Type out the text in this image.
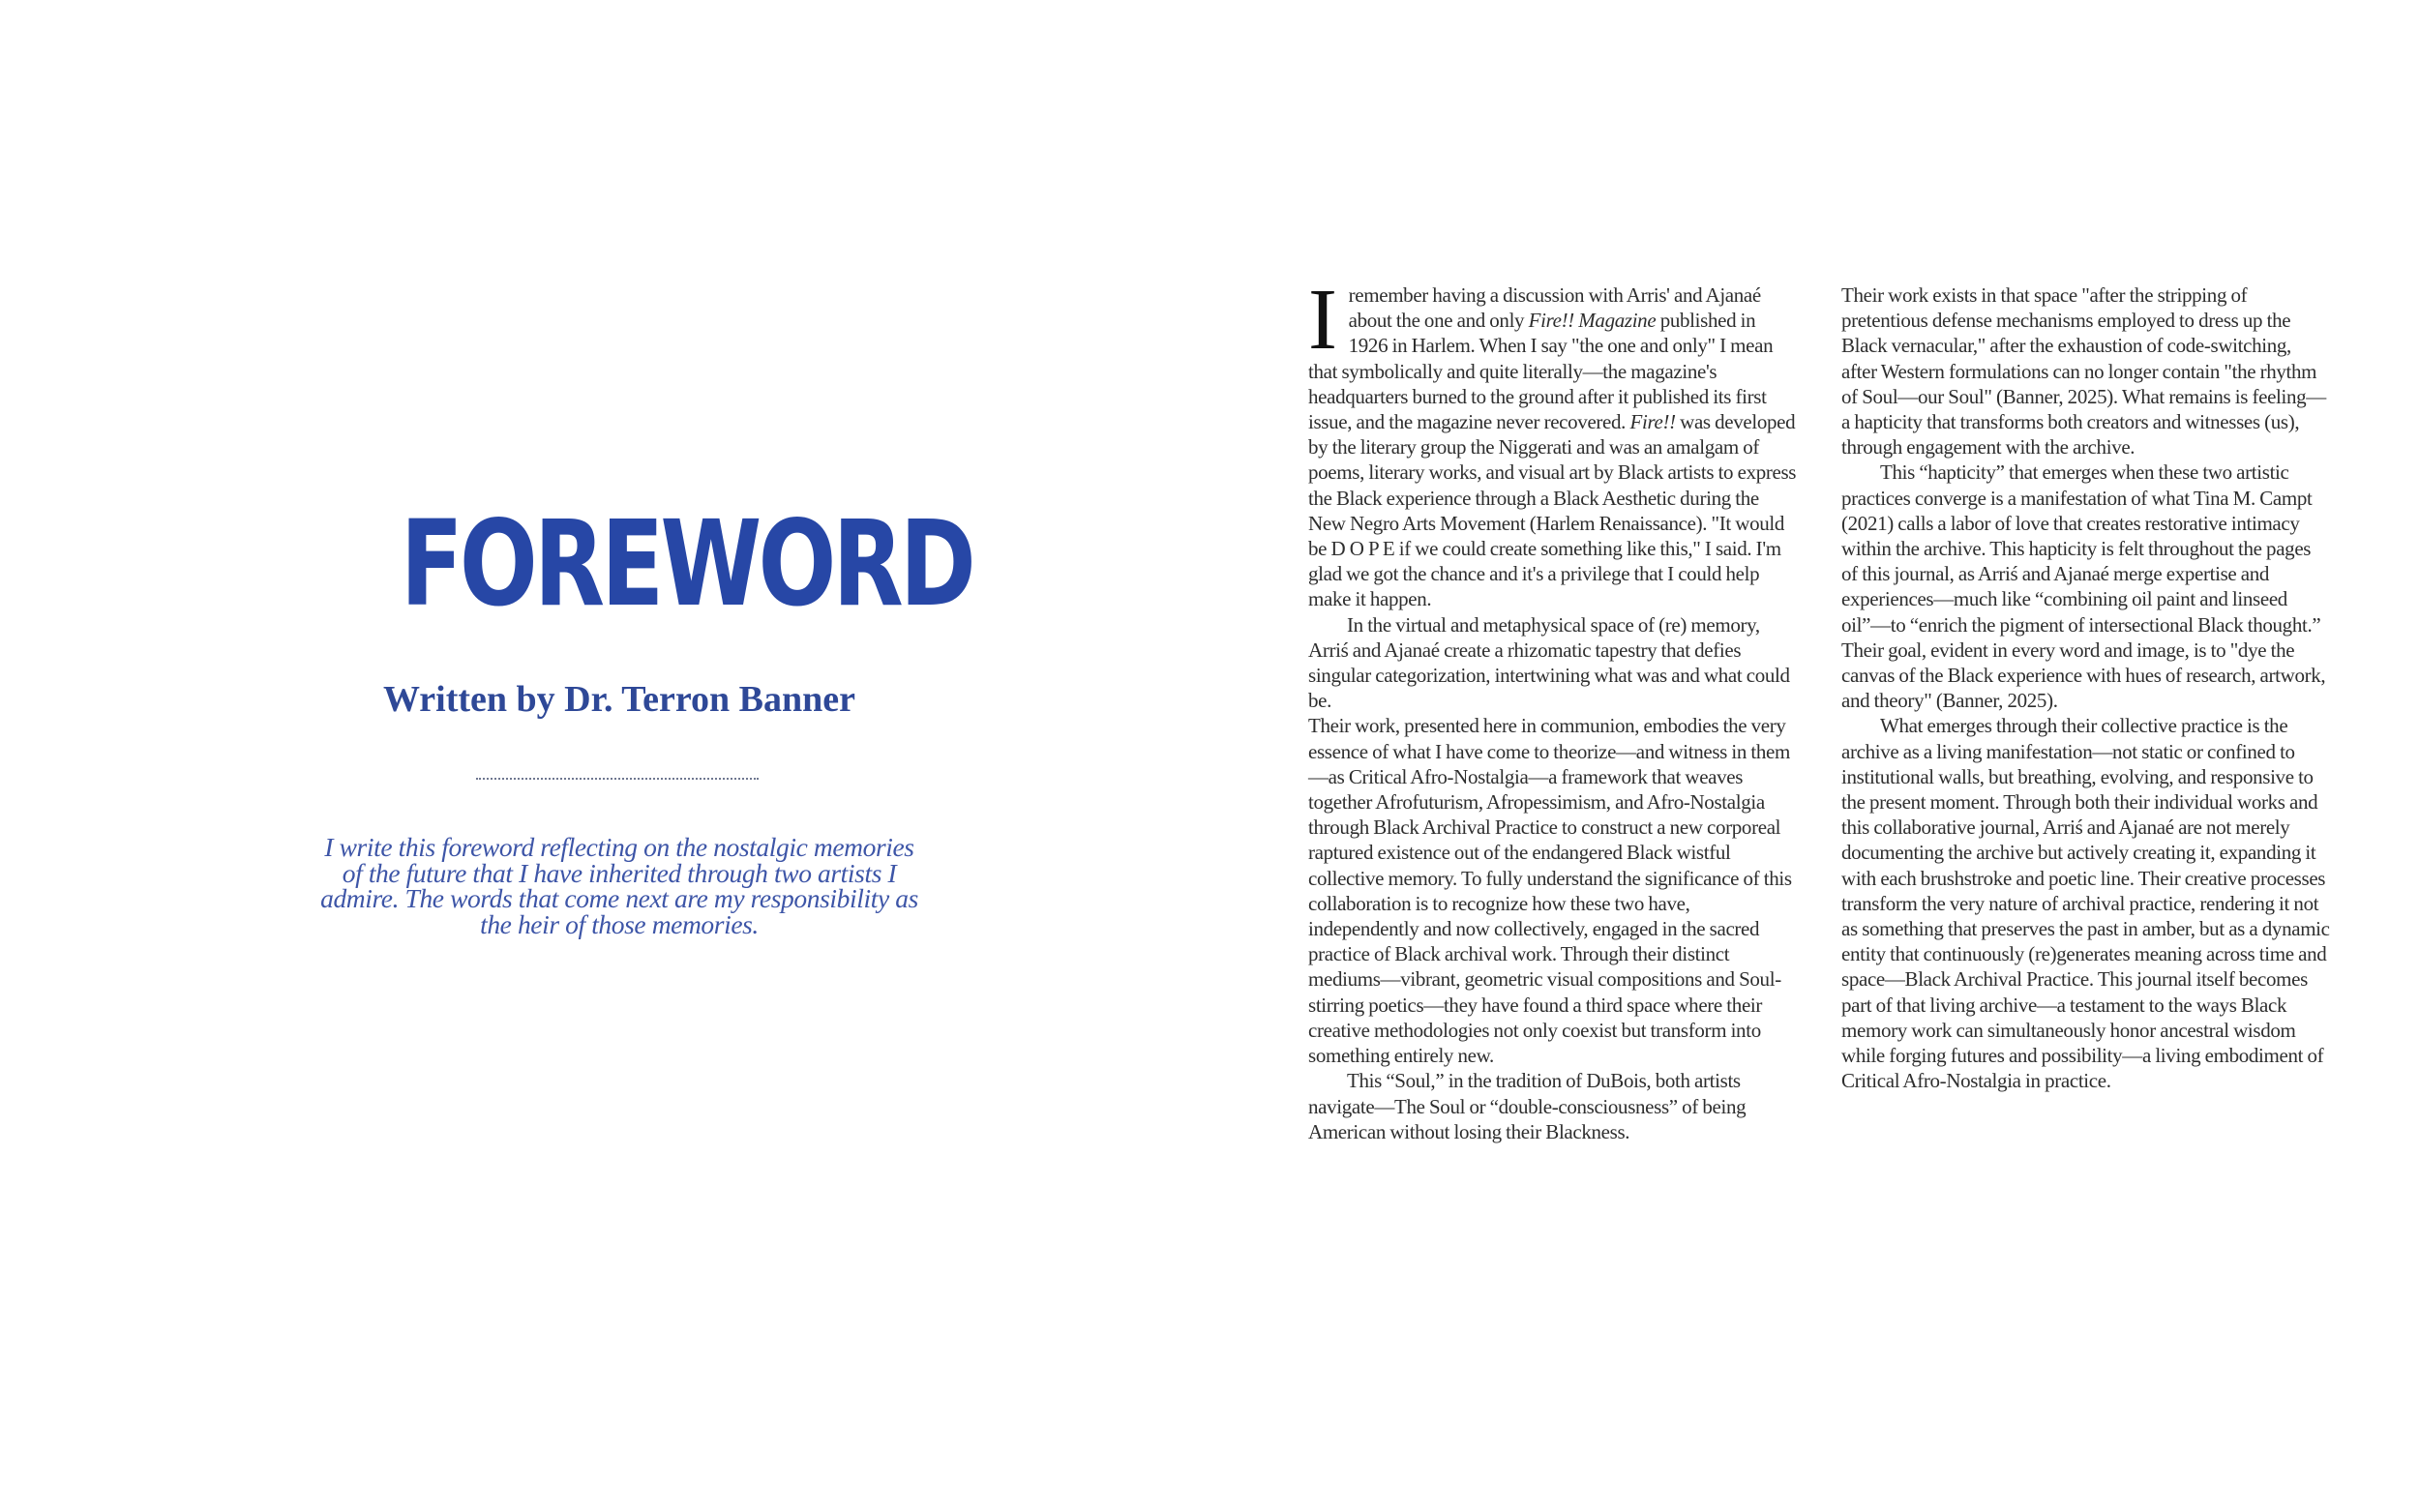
FOREWORD
Written by Dr. Terron Banner

I write this foreword reflecting on the nostalgic memories of the future that I have inherited through two artists I admire. The words that come next are my responsibility as the heir of those memories.

Iremember having a discussion with Arris' and Ajanaé about the one and only Fire!! Magazine published in 1926 in Harlem. When I say "the one and only" I mean that symbolically and quite literally—the magazine's headquarters burned to the ground after it published its first issue, and the magazine never recovered. Fire!! was developed by the literary group the Niggerati and was an amalgam of poems, literary works, and visual art by Black artists to express the Black experience through a Black Aesthetic during the New Negro Arts Movement (Harlem Renaissance). "It would be D O P E if we could create something like this," I said. I'm glad we got the chance and it's a privilege that I could help make it happen.

In the virtual and metaphysical space of (re) memory, Arriś and Ajanaé create a rhizomatic tapestry that defies singular categorization, intertwining what was and what could be.

Their work, presented here in communion, embodies the very essence of what I have come to theorize—and witness in them—as Critical Afro-Nostalgia—a framework that weaves together Afrofuturism, Afropessimism, and Afro-Nostalgia through Black Archival Practice to construct a new corporeal raptured existence out of the endangered Black wistful collective memory. To fully understand the significance of this collaboration is to recognize how these two have, independently and now collectively, engaged in the sacred practice of Black archival work. Through their distinct mediums—vibrant, geometric visual compositions and Soul-stirring poetics—they have found a third space where their creative methodologies not only coexist but transform into something entirely new.

This “Soul,” in the tradition of DuBois, both artists navigate—The Soul or “double-consciousness” of being American without losing their Blackness.

Their work exists in that space "after the stripping of pretentious defense mechanisms employed to dress up the Black vernacular," after the exhaustion of code-switching, after Western formulations can no longer contain "the rhythm of Soul—our Soul" (Banner, 2025). What remains is feeling—a hapticity that transforms both creators and witnesses (us), through engagement with the archive.

This “hapticity” that emerges when these two artistic practices converge is a manifestation of what Tina M. Campt (2021) calls a labor of love that creates restorative intimacy within the archive. This hapticity is felt throughout the pages of this journal, as Arriś and Ajanaé merge expertise and experiences—much like “combining oil paint and linseed oil”—to “enrich the pigment of intersectional Black thought.” Their goal, evident in every word and image, is to "dye the canvas of the Black experience with hues of research, artwork, and theory" (Banner, 2025).

What emerges through their collective practice is the archive as a living manifestation—not static or confined to institutional walls, but breathing, evolving, and responsive to the present moment. Through both their individual works and this collaborative journal, Arriś and Ajanaé are not merely documenting the archive but actively creating it, expanding it with each brushstroke and poetic line. Their creative processes transform the very nature of archival practice, rendering it not as something that preserves the past in amber, but as a dynamic entity that continuously (re)generates meaning across time and space—Black Archival Practice. This journal itself becomes part of that living archive—a testament to the ways Black memory work can simultaneously honor ancestral wisdom while forging futures and possibility—a living embodiment of Critical Afro-Nostalgia in practice.
